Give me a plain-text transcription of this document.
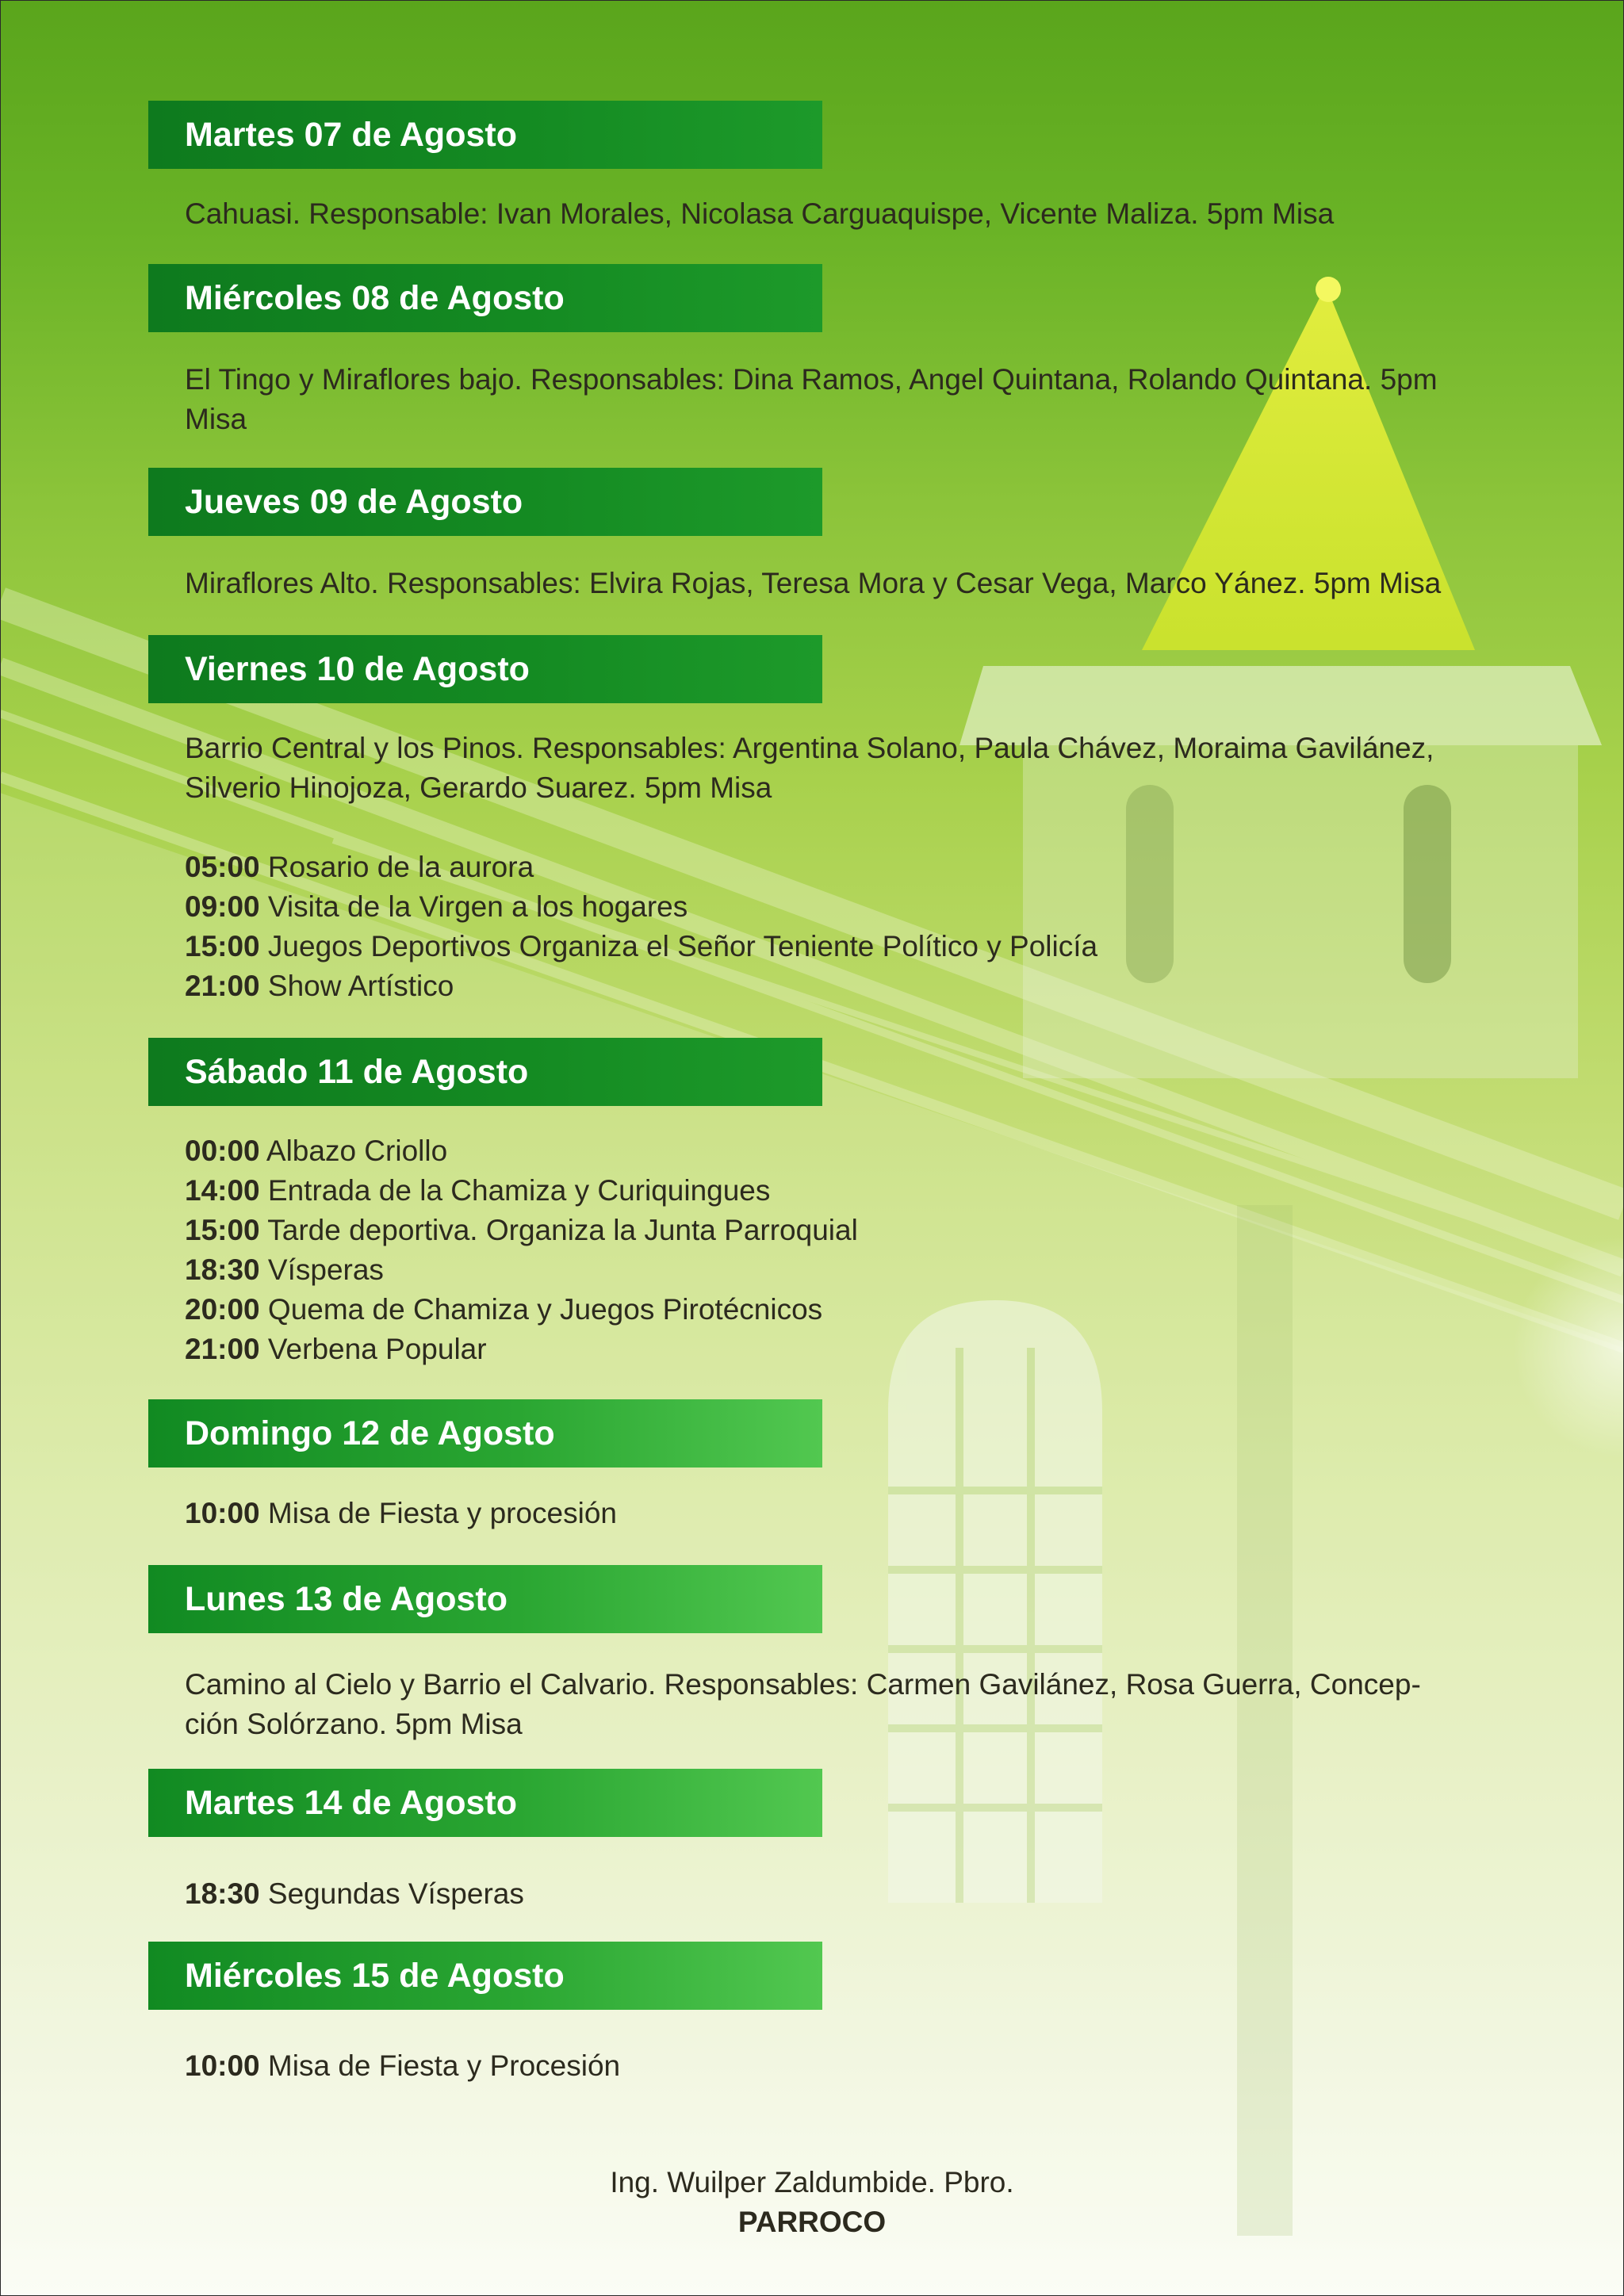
Martes 07 de Agosto
Cahuasi. Responsable: Ivan Morales, Nicolasa Carguaquispe, Vicente Maliza. 5pm Misa
Miércoles 08 de Agosto
El Tingo y Miraflores bajo. Responsables: Dina Ramos, Angel Quintana, Rolando Quintana. 5pm
Misa
Jueves 09 de Agosto
Miraflores Alto. Responsables: Elvira Rojas, Teresa Mora y Cesar Vega, Marco Yánez. 5pm Misa
Viernes 10 de Agosto
Barrio Central y los Pinos. Responsables: Argentina Solano, Paula Chávez, Moraima Gavilánez,
Silverio Hinojoza, Gerardo Suarez. 5pm Misa
05:00 Rosario de la aurora
09:00 Visita de la Virgen a los hogares
15:00 Juegos Deportivos Organiza el Señor Teniente Político y Policía
21:00 Show Artístico
Sábado 11 de Agosto
00:00 Albazo Criollo
14:00 Entrada de la Chamiza y Curiquingues
15:00 Tarde deportiva. Organiza la Junta Parroquial
18:30 Vísperas
20:00 Quema de Chamiza y Juegos Pirotécnicos
21:00 Verbena Popular
Domingo 12 de Agosto
10:00 Misa de Fiesta y procesión
Lunes 13 de Agosto
Camino al Cielo y Barrio el Calvario. Responsables: Carmen Gavilánez, Rosa Guerra, Concep-
ción Solórzano. 5pm Misa
Martes 14 de Agosto
18:30 Segundas Vísperas
Miércoles 15 de Agosto
10:00 Misa de Fiesta y Procesión
Ing. Wuilper Zaldumbide. Pbro.
PARROCO
